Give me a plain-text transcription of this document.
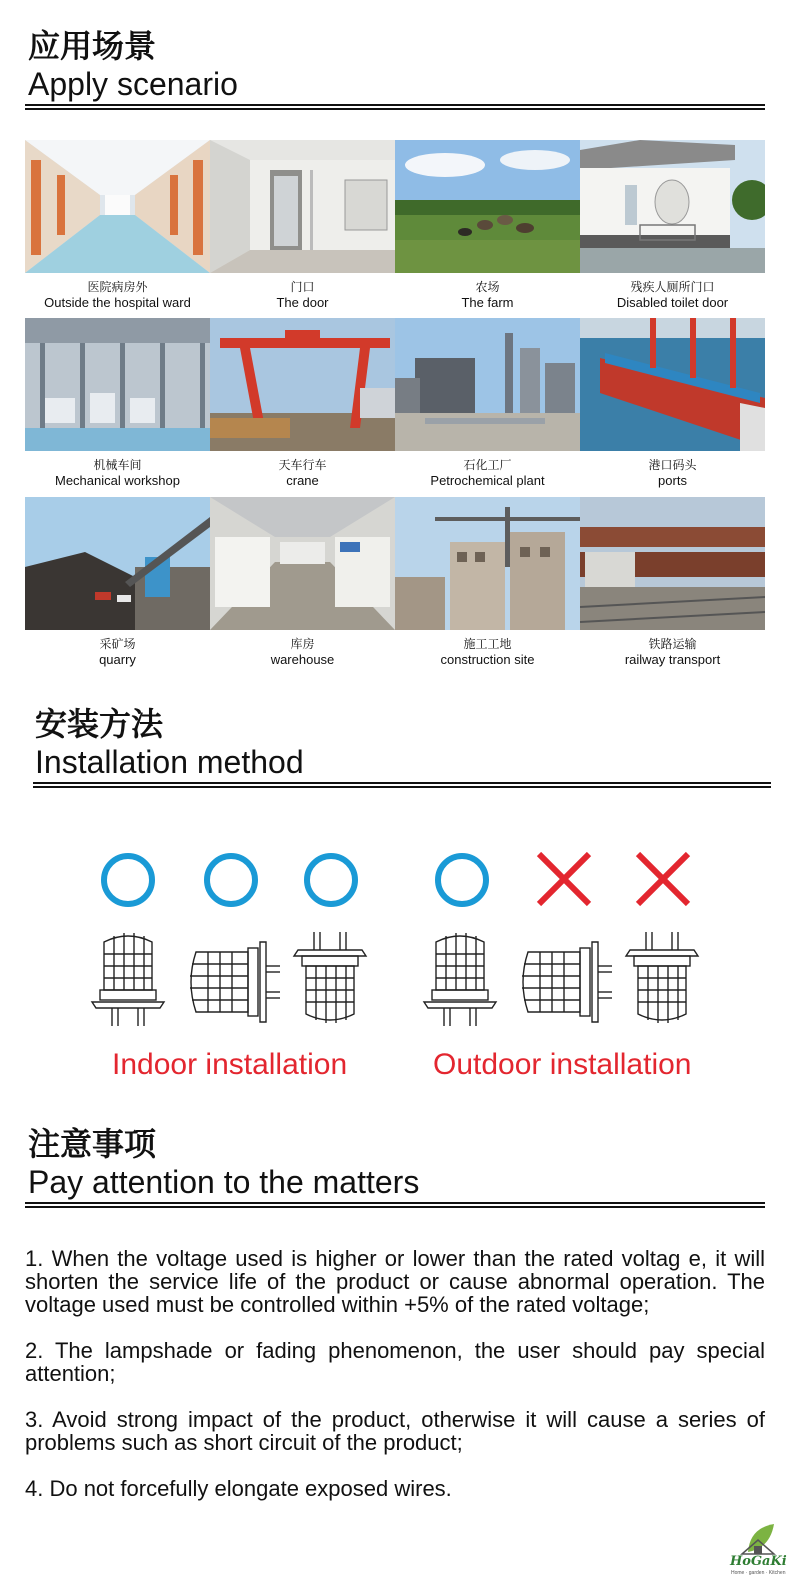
应用场景
Apply scenario
医院病房外
Outside the hospital ward
门口
The door
农场
The farm
残疾人厕所门口
Disabled toilet door
机械车间
Mechanical workshop
天车行车
crane
石化工厂
Petrochemical plant
港口码头
ports
采矿场
quarry
库房
warehouse
施工工地
construction site
铁路运输
railway transport
安装方法
Installation method
Indoor installation	Outdoor installation
注意事项
Pay attention to the matters

1. When the voltage used is higher or lower than the rated voltag e, it will shorten the service life of the product or cause abnormal operation. The voltage used must be controlled within +5% of the rated voltage;

2. The lampshade or fading phenomenon, the user should pay special attention;

3. Avoid strong impact of the product, otherwise it will cause a series of problems such as short circuit of the product;

4. Do not forcefully elongate exposed wires.

HoGaKi
Home · garden · Kitchen
